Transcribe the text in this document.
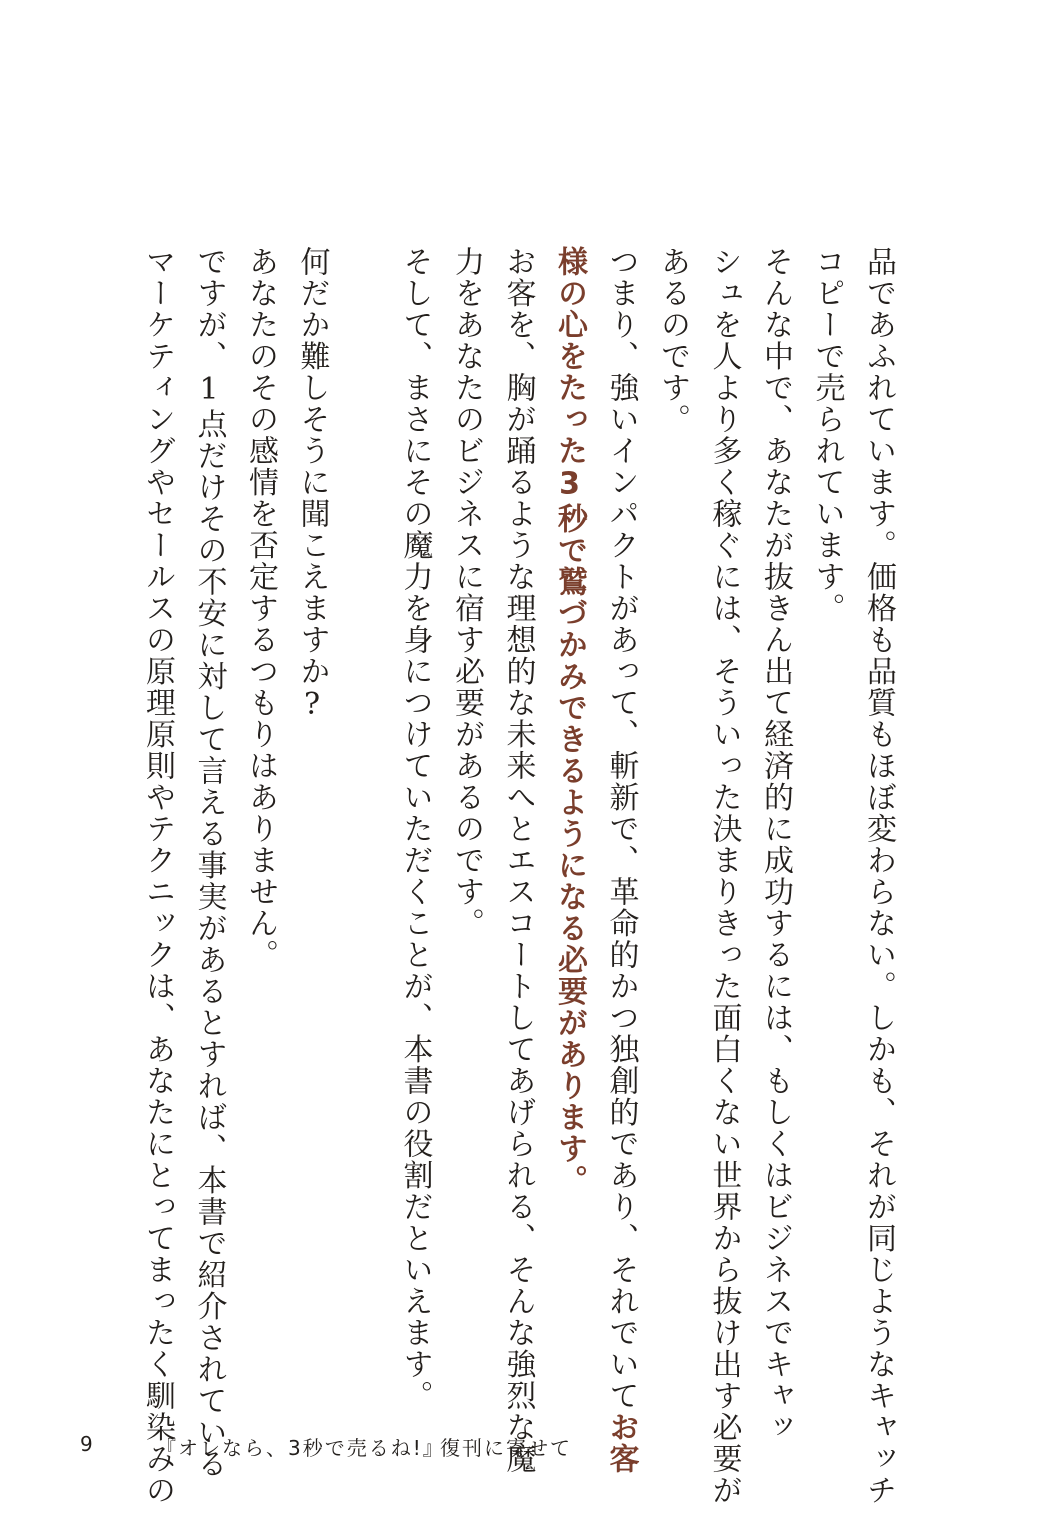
品であふれています。価格も品質もほぼ変わらない。しかも、それが同じようなキャッチ
コピーで売られています。
そんな中で、あなたが抜きん出て経済的に成功するには、もしくはビジネスでキャッ
シュを人より多く稼ぐには、そういった決まりきった面白くない世界から抜け出す必要が
あるのです。
つまり、強いインパクトがあって、斬新で、革命的かつ独創的であり、それでいてお客
様の心をたった3秒で鷲づかみできるようになる必要があります。
お客を、胸が踊るような理想的な未来へとエスコートしてあげられる、そんな強烈な魔
力をあなたのビジネスに宿す必要があるのです。
そして、まさにその魔力を身につけていただくことが、本書の役割だといえます。
何だか難しそうに聞こえますか?
あなたのその感情を否定するつもりはありません。
ですが、1点だけその不安に対して言える事実があるとすれば、本書で紹介されている
マーケティングやセールスの原理原則やテクニックは、あなたにとってまったく馴染みの
9	『オレなら、3秒で売るね!』
復刊に寄せて
